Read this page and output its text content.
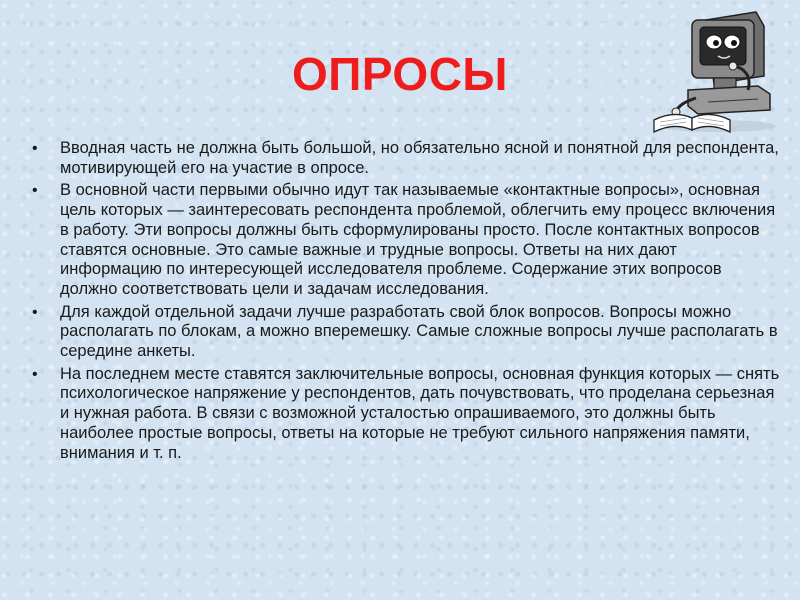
ОПРОСЫ
• Вводная часть не должна быть большой, но обязательно ясной и понятной для респондента, мотивирующей его на участие в опросе.
• В основной части первыми обычно идут так называемые «контактные вопросы», основная цель которых — заинтересовать респондента проблемой, облегчить ему процесс включения в работу. Эти вопросы должны быть сформулированы просто. После контактных вопросов ставятся основные. Это самые важные и трудные вопросы. Ответы на них дают информацию по интересующей исследователя проблеме. Содержание этих вопросов должно соответствовать цели и задачам исследования.
• Для каждой отдельной задачи лучше разработать свой блок вопросов. Вопросы можно располагать по блокам, а можно вперемешку. Самые сложные вопросы лучше располагать в середине анкеты.
• На последнем месте ставятся заключительные вопросы, основная функция которых — снять психологическое напряжение у респондентов, дать почувствовать, что проделана серьезная и нужная работа. В связи с возможной усталостью опрашиваемого, это должны быть наиболее простые вопросы, ответы на которые не требуют сильного напряжения памяти, внимания и т. п.
